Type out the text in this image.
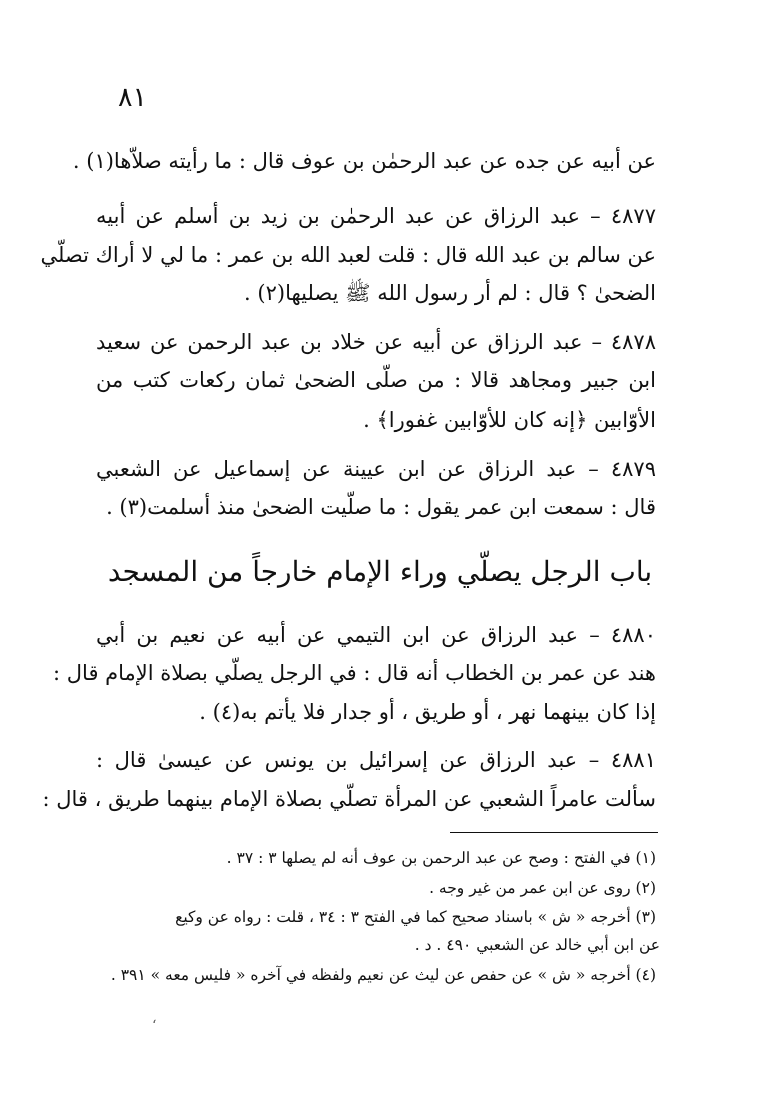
٨١
عن أبيه عن جده عن عبد الرحمٰن بن عوف قال : ما رأيته صلاّها(١) .
٤٨٧٧ – عبد الرزاق عن عبد الرحمٰن بن زيد بن أسلم عن أبيه
عن سالم بن عبد الله قال : قلت لعبد الله بن عمر : ما لي لا أراك تصلّي
الضحىٰ ؟ قال : لم أر رسول الله ﷺ يصليها(٢) .
٤٨٧٨ – عبد الرزاق عن أبيه عن خلاد بن عبد الرحمن عن سعيد
ابن جبير ومجاهد قالا : من صلّى الضحىٰ ثمان ركعات كتب من
الأوّابين ﴿إنه كان للأوّابين غفورا﴾ .
٤٨٧٩ – عبد الرزاق عن ابن عيينة عن إسماعيل عن الشعبي
قال : سمعت ابن عمر يقول : ما صلّيت الضحىٰ منذ أسلمت(٣) .
باب الرجل يصلّي وراء الإمام خارجاً من المسجد
٤٨٨٠ – عبد الرزاق عن ابن التيمي عن أبيه عن نعيم بن أبي
هند عن عمر بن الخطاب أنه قال : في الرجل يصلّي بصلاة الإمام قال :
إذا كان بينهما نهر ، أو طريق ، أو جدار فلا يأتم به(٤) .
٤٨٨١ – عبد الرزاق عن إسرائيل بن يونس عن عيسىٰ قال :
سألت عامراً الشعبي عن المرأة تصلّي بصلاة الإمام بينهما طريق ، قال :
(١) في الفتح : وصح عن عبد الرحمن بن عوف أنه لم يصلها ٣ : ٣٧ .
(٢) روى عن ابن عمر من غير وجه .
(٣) أخرجه « ش » باسناد صحيح كما في الفتح ٣ : ٣٤ ، قلت : رواه عن وكيع
عن ابن أبي خالد عن الشعبي ٤٩٠ . د .
(٤) أخرجه « ش » عن حفص عن ليث عن نعيم ولفظه في آخره « فليس معه » ٣٩١ .
ʻ
